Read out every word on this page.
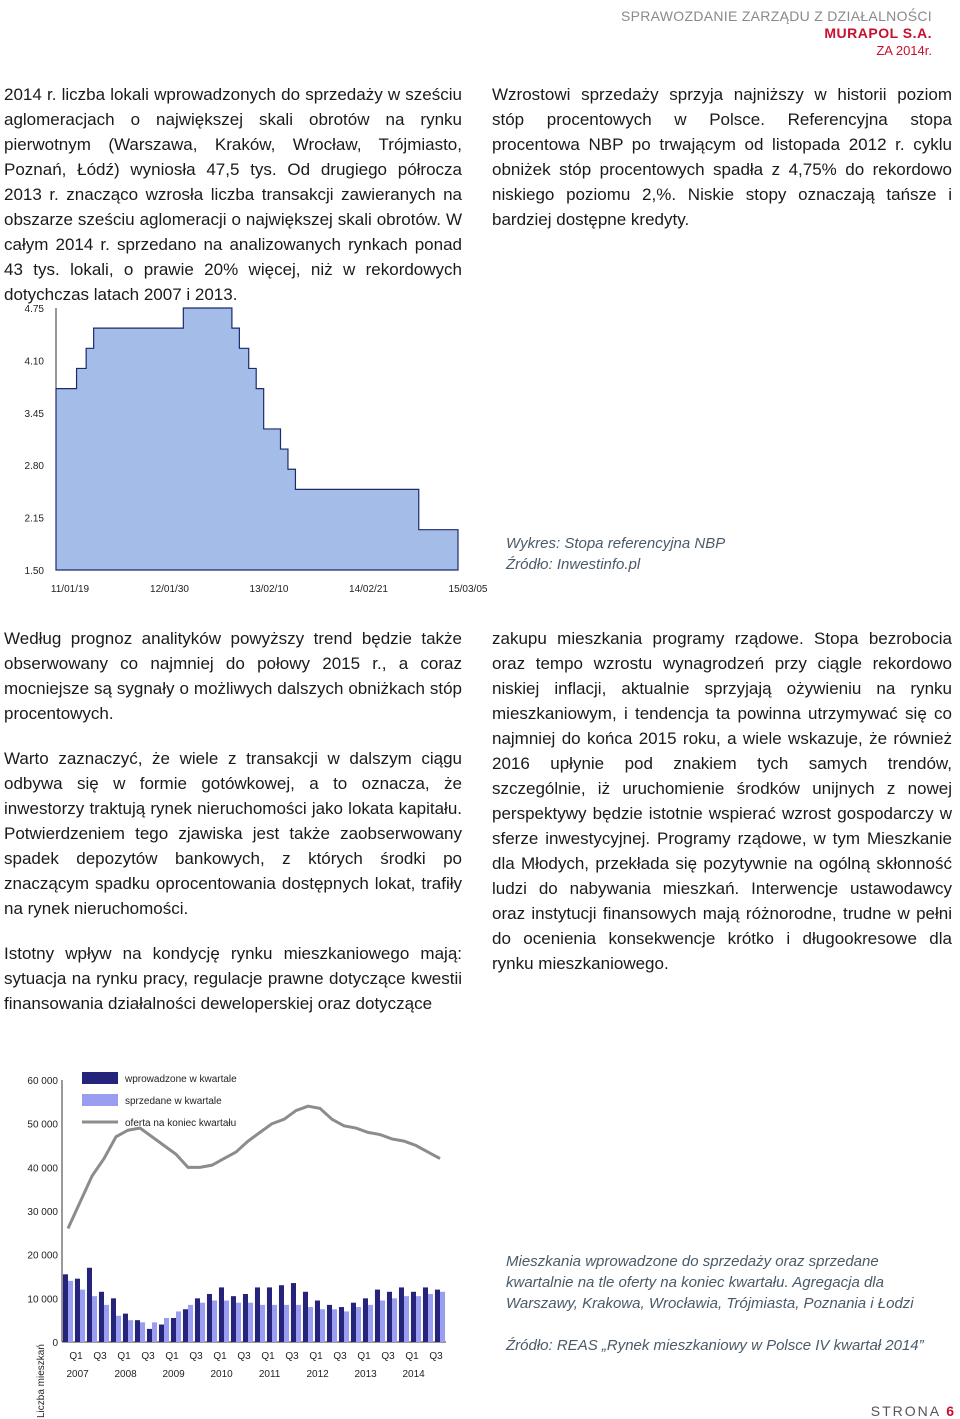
SPRAWOZDANIE ZARZĄDU Z DZIAŁALNOŚCI
MURAPOL S.A.
ZA 2014r.

2014 r. liczba lokali wprowadzonych do sprzedaży w sześciu aglomeracjach o największej skali obrotów na rynku pierwotnym (Warszawa, Kraków, Wrocław, Trójmiasto, Poznań, Łódź) wyniosła 47,5 tys. Od drugiego półrocza 2013 r. znacząco wzrosła liczba transakcji zawieranych na obszarze sześciu aglomeracji o największej skali obrotów. W całym 2014 r. sprzedano na analizowanych rynkach ponad 43 tys. lokali, o prawie 20% więcej, niż w rekordowych dotychczas latach 2007 i 2013.

Wzrostowi sprzedaży sprzyja najniższy w historii poziom stóp procentowych w Polsce. Referencyjna stopa procentowa NBP po trwającym od listopada 2012 r. cyklu obniżek stóp procentowych spadła z 4,75% do rekordowo niskiego poziomu 2,%. Niskie stopy oznaczają tańsze i bardziej dostępne kredyty.

4.75
4.10
3.45
2.80
2.15
1.50
11/01/19	12/01/30	13/02/10	14/02/21	15/03/05
Wykres: Stopa referencyjna NBP
Źródło: Inwestinfo.pl

Według prognoz analityków powyższy trend będzie także obserwowany co najmniej do połowy 2015 r., a coraz mocniejsze są sygnały o możliwych dalszych obniżkach stóp procentowych.

Warto zaznaczyć, że wiele z transakcji w dalszym ciągu odbywa się w formie gotówkowej, a to oznacza, że inwestorzy traktują rynek nieruchomości jako lokata kapitału. Potwierdzeniem tego zjawiska jest także zaobserwowany spadek depozytów bankowych, z których środki po znaczącym spadku oprocentowania dostępnych lokat, trafiły na rynek nieruchomości.

Istotny wpływ na kondycję rynku mieszkaniowego mają: sytuacja na rynku pracy, regulacje prawne dotyczące kwestii finansowania działalności deweloperskiej oraz dotyczące

zakupu mieszkania programy rządowe. Stopa bezrobocia oraz tempo wzrostu wynagrodzeń przy ciągle rekordowo niskiej inflacji, aktualnie sprzyjają ożywieniu na rynku mieszkaniowym, i tendencja ta powinna utrzymywać się co najmniej do końca 2015 roku, a wiele wskazuje, że również 2016 upłynie pod znakiem tych samych trendów, szczególnie, iż uruchomienie środków unijnych z nowej perspektywy będzie istotnie wspierać wzrost gospodarczy w sferze inwestycyjnej. Programy rządowe, w tym Mieszkanie dla Młodych, przekłada się pozytywnie na ogólną skłonność ludzi do nabywania mieszkań. Interwencje ustawodawcy oraz instytucji finansowych mają różnorodne, trudne w pełni do ocenienia konsekwencje krótko i długookresowe dla rynku mieszkaniowego.

0
10 000
20 000
30 000
40 000
50 000
60 000
Q1 Q3 Q1 Q3 Q1 Q3 Q1 Q3 Q1 Q3 Q1 Q3 Q1 Q3 Q1 Q3
2007	2008	2009	2010	2011	2012	2013	2014
wprowadzone w kwartale
sprzedane w kwartale
oferta na koniec kwartału
Liczba mieszkań
Mieszkania wprowadzone do sprzedaży oraz sprzedane kwartalnie na tle oferty na koniec kwartału. Agregacja dla Warszawy, Krakowa, Wrocławia, Trójmiasta, Poznania i Łodzi
Źródło: REAS „Rynek mieszkaniowy w Polsce IV kwartał 2014”
STRONA 6
